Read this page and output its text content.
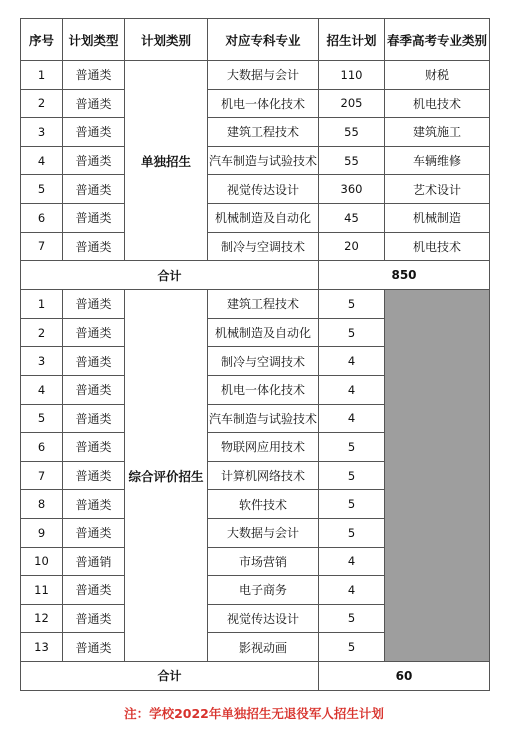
序号	计划类型	计划类别	对应专科专业	招生计划	春季高考专业类别
1	普通类	单独招生	大数据与会计	110	财税
2	普通类		机电一体化技术	205	机电技术
3	普通类		建筑工程技术	55	建筑施工
4	普通类		汽车制造与试验技术	55	车辆维修
5	普通类		视觉传达设计	360	艺术设计
6	普通类		机械制造及自动化	45	机械制造
7	普通类		制冷与空调技术	20	机电技术
合计				850	
1	普通类	综合评价招生	建筑工程技术	5	
2	普通类		机械制造及自动化	5	
3	普通类		制冷与空调技术	4	
4	普通类		机电一体化技术	4	
5	普通类		汽车制造与试验技术	4	
6	普通类		物联网应用技术	5	
7	普通类		计算机网络技术	5	
8	普通类		软件技术	5	
9	普通类		大数据与会计	5	
10	普通销		市场营销	4	
11	普通类		电子商务	4	
12	普通类		视觉传达设计	5	
13	普通类		影视动画	5	
合计				60	
注：学校2022年单独招生无退役军人招生计划
